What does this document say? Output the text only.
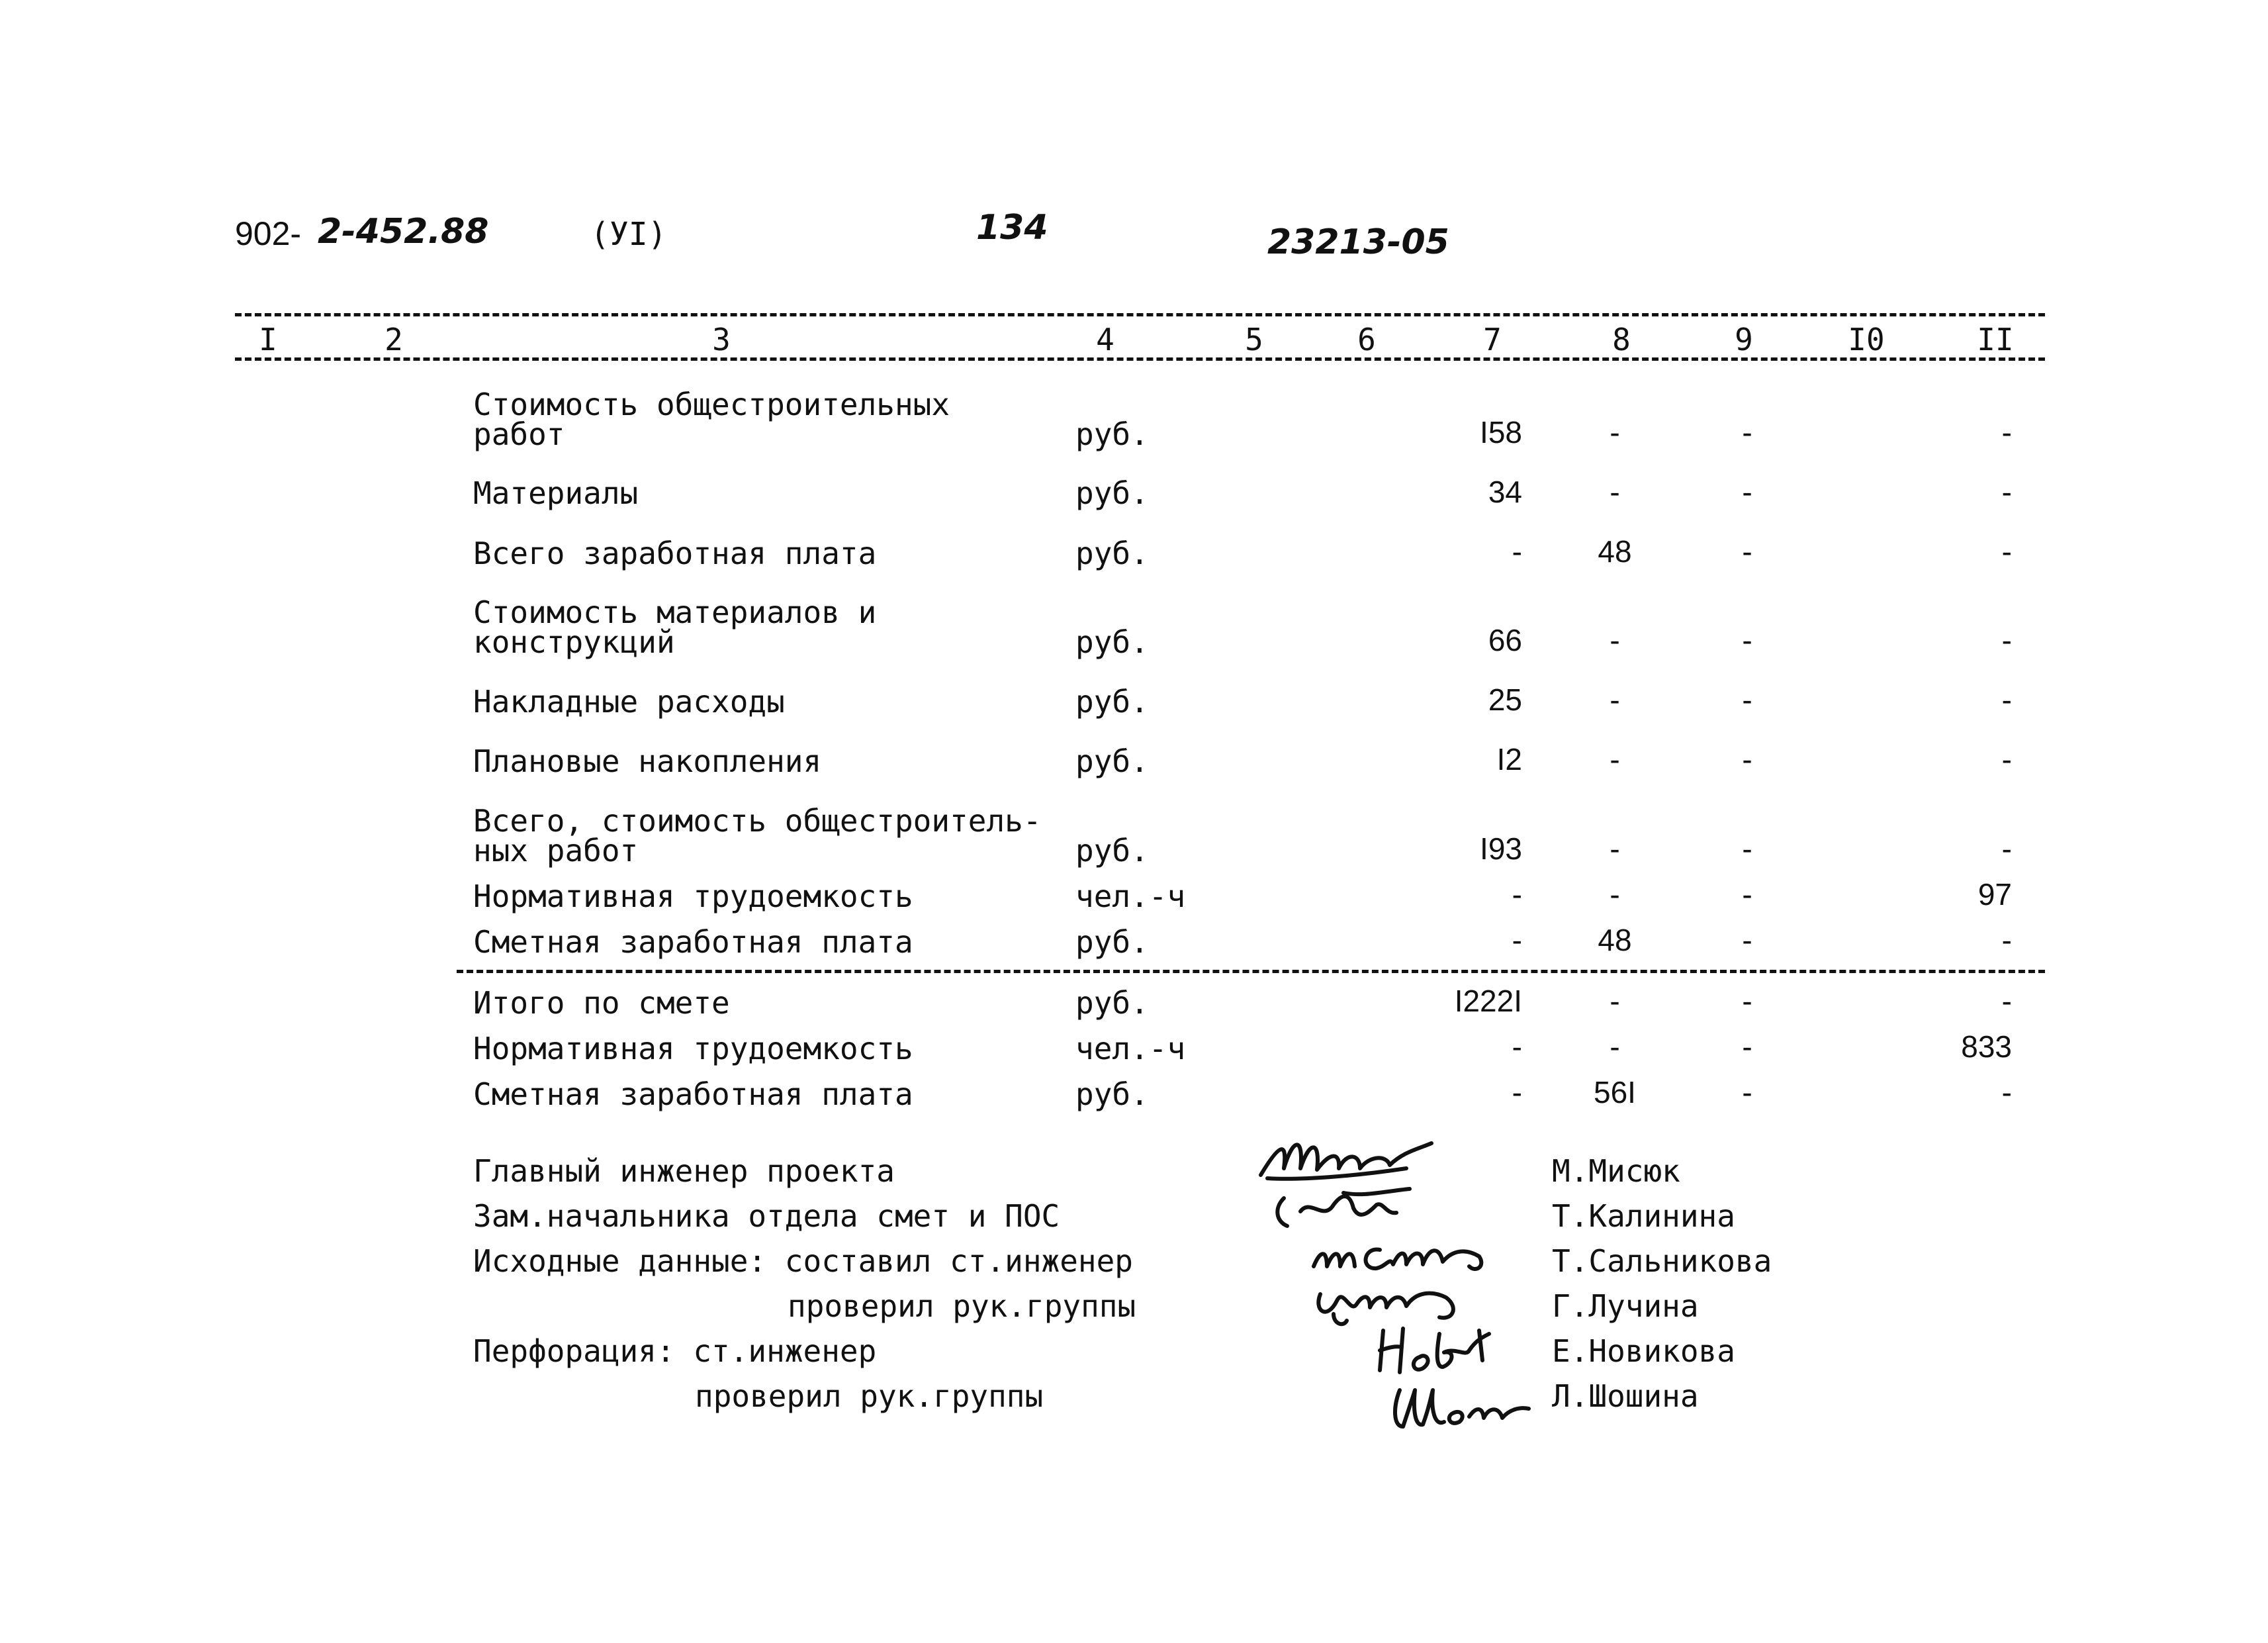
902- 2-452.88	(УI)	134	23213-05
I	2	3	4	5	6	7	8	9	I0	II
Стоимость общестроительных
работ	руб.	I58	-	-	-
Материалы	руб.	34	-	-	-
Всего заработная плата	руб.	-	48	-	-
Стоимость материалов и
конструкций	руб.	66	-	-	-
Накладные расходы	руб.	25	-	-	-
Плановые накопления	руб.	I2	-	-	-
Всего, стоимость общестроитель-
ных работ	руб.	I93	-	-	-
Нормативная трудоемкость	чел.-ч	-	-	-	97
Сметная заработная плата	руб.	-	48	-	-
Итого по смете	руб.	I222I	-	-	-
Нормативная трудоемкость	чел.-ч	-	-	-	833
Сметная заработная плата	руб.	-	56I	-	-
Главный инженер проекта
Зам.начальника отдела смет и ПОС
Исходные данные: составил ст.инженер
проверил рук.группы
Перфорация: ст.инженер
проверил рук.группы
М.Мисюк
Т.Калинина
Т.Сальникова
Г.Лучина
Е.Новикова
Л.Шошина
